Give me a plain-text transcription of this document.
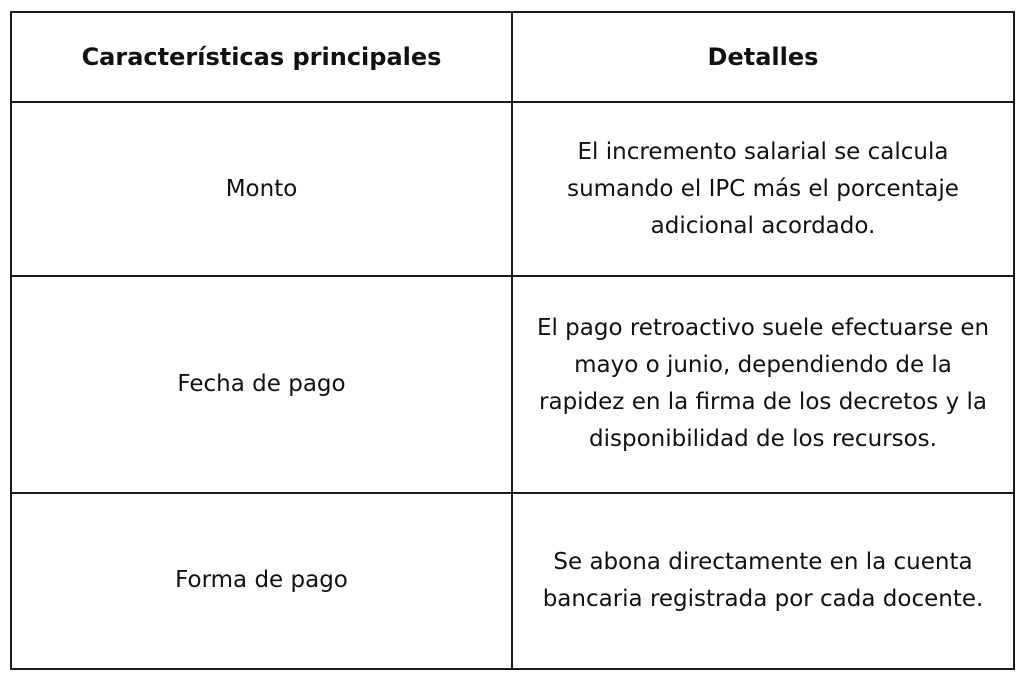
Características principales	Detalles
Monto	El incremento salarial se calcula sumando el IPC más el porcentaje adicional acordado.
Fecha de pago	El pago retroactivo suele efectuarse en mayo o junio, dependiendo de la rapidez en la firma de los decretos y la disponibilidad de los recursos.
Forma de pago	Se abona directamente en la cuenta bancaria registrada por cada docente.
